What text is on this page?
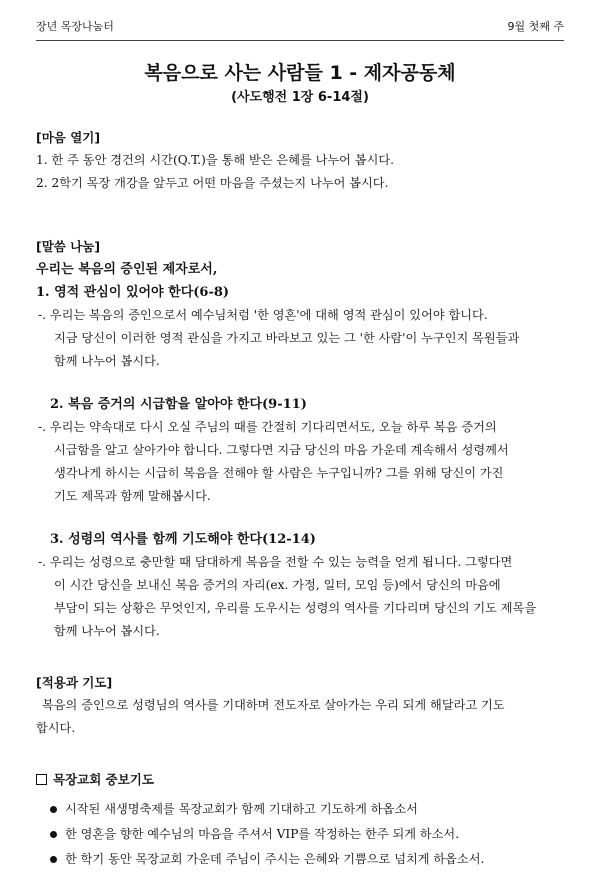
장년 목장나눔터	9월 첫째 주
복음으로 사는 사람들 1 - 제자공동체
(사도행전 1장 6-14절)
[마음 열기]
1. 한 주 동안 경건의 시간(Q.T.)을 통해 받은 은혜를 나누어 봅시다.
2. 2학기 목장 개강을 앞두고 어떤 마음을 주셨는지 나누어 봅시다.
[말씀 나눔]
우리는 복음의 증인된 제자로서,
1. 영적 관심이 있어야 한다(6-8)
-. 우리는 복음의 증인으로서 예수님처럼 '한 영혼'에 대해 영적 관심이 있어야 합니다.
지금 당신이 이러한 영적 관심을 가지고 바라보고 있는 그 '한 사람'이 누구인지 목원들과
함께 나누어 봅시다.
2. 복음 증거의 시급함을 알아야 한다(9-11)
-. 우리는 약속대로 다시 오실 주님의 때를 간절히 기다리면서도, 오늘 하루 복음 증거의
시급함을 알고 살아가야 합니다. 그렇다면 지금 당신의 마음 가운데 계속해서 성령께서
생각나게 하시는 시급히 복음을 전해야 할 사람은 누구입니까? 그를 위해 당신이 가진
기도 제목과 함께 말해봅시다.
3. 성령의 역사를 함께 기도해야 한다(12-14)
-. 우리는 성령으로 충만할 때 담대하게 복음을 전할 수 있는 능력을 얻게 됩니다. 그렇다면
이 시간 당신을 보내신 복음 증거의 자리(ex. 가정, 일터, 모임 등)에서 당신의 마음에
부담이 되는 상황은 무엇인지, 우리를 도우시는 성령의 역사를 기다리며 당신의 기도 제목을
함께 나누어 봅시다.
[적용과 기도]
복음의 증인으로 성령님의 역사를 기대하며 전도자로 살아가는 우리 되게 해달라고 기도
합시다.
목장교회 중보기도
시작된 새생명축제를 목장교회가 함께 기대하고 기도하게 하옵소서
한 영혼을 향한 예수님의 마음을 주셔서 VIP를 작정하는 한주 되게 하소서.
한 학기 동안 목장교회 가운데 주님이 주시는 은혜와 기쁨으로 넘치게 하옵소서.
